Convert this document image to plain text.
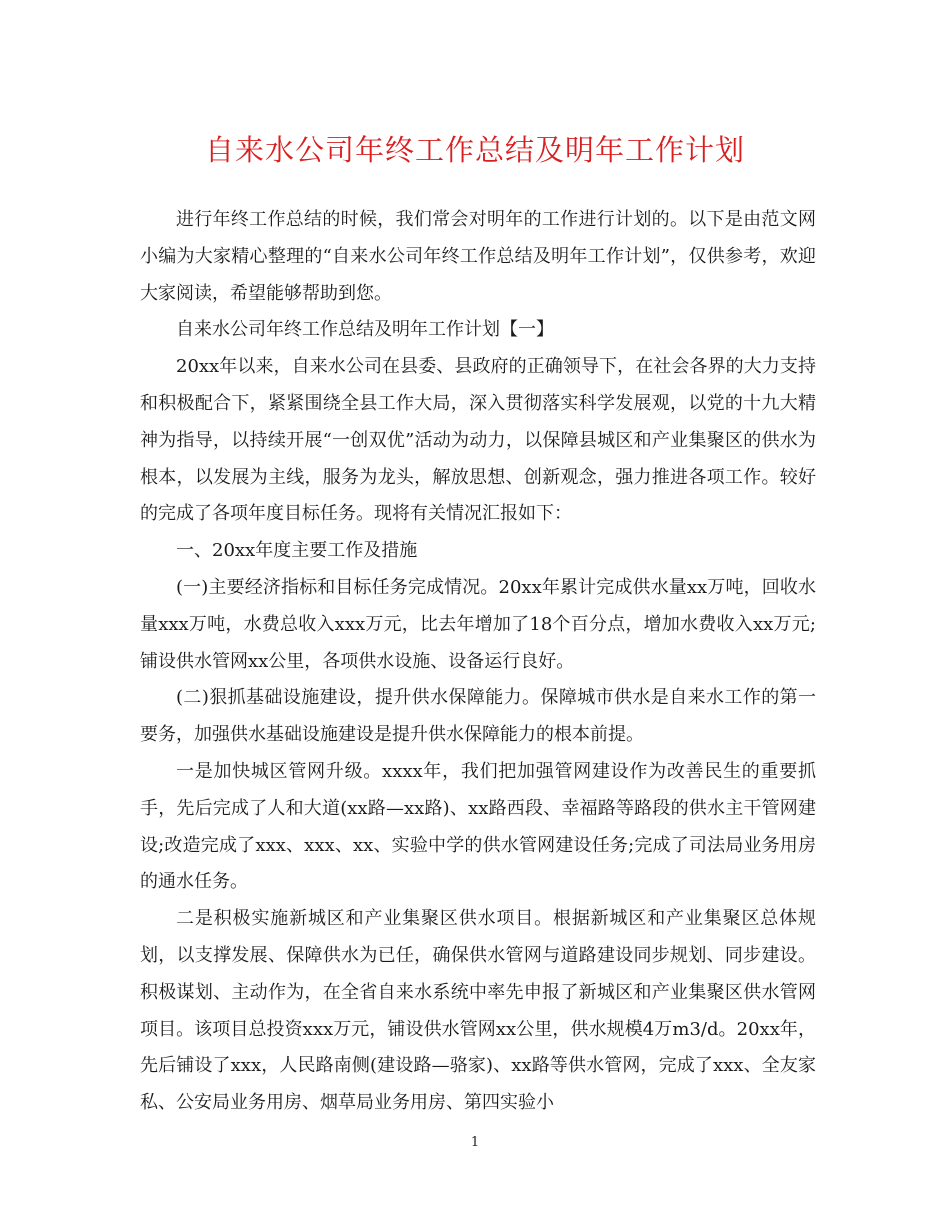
自来水公司年终工作总结及明年工作计划

进行年终工作总结的时候，我们常会对明年的工作进行计划的。以下是由范文网小编为大家精心整理的“自来水公司年终工作总结及明年工作计划”，仅供参考，欢迎大家阅读，希望能够帮助到您。

自来水公司年终工作总结及明年工作计划【一】

20xx年以来，自来水公司在县委、县政府的正确领导下，在社会各界的大力支持和积极配合下，紧紧围绕全县工作大局，深入贯彻落实科学发展观，以党的十九大精神为指导，以持续开展“一创双优”活动为动力，以保障县城区和产业集聚区的供水为根本，以发展为主线，服务为龙头，解放思想、创新观念，强力推进各项工作。较好的完成了各项年度目标任务。现将有关情况汇报如下：

一、20xx年度主要工作及措施

(一)主要经济指标和目标任务完成情况。20xx年累计完成供水量xx万吨，回收水量xxx万吨，水费总收入xxx万元，比去年增加了18个百分点，增加水费收入xx万元;铺设供水管网xx公里，各项供水设施、设备运行良好。

(二)狠抓基础设施建设，提升供水保障能力。保障城市供水是自来水工作的第一要务，加强供水基础设施建设是提升供水保障能力的根本前提。

一是加快城区管网升级。xxxx年，我们把加强管网建设作为改善民生的重要抓手，先后完成了人和大道(xx路—xx路)、xx路西段、幸福路等路段的供水主干管网建设;改造完成了xxx、xxx、xx、实验中学的供水管网建设任务;完成了司法局业务用房的通水任务。

二是积极实施新城区和产业集聚区供水项目。根据新城区和产业集聚区总体规划，以支撑发展、保障供水为已任，确保供水管网与道路建设同步规划、同步建设。积极谋划、主动作为，在全省自来水系统中率先申报了新城区和产业集聚区供水管网项目。该项目总投资xxx万元，铺设供水管网xx公里，供水规模4万m3/d。20xx年，先后铺设了xxx，人民路南侧(建设路—骆家)、xx路等供水管网，完成了xxx、全友家私、公安局业务用房、烟草局业务用房、第四实验小

1
